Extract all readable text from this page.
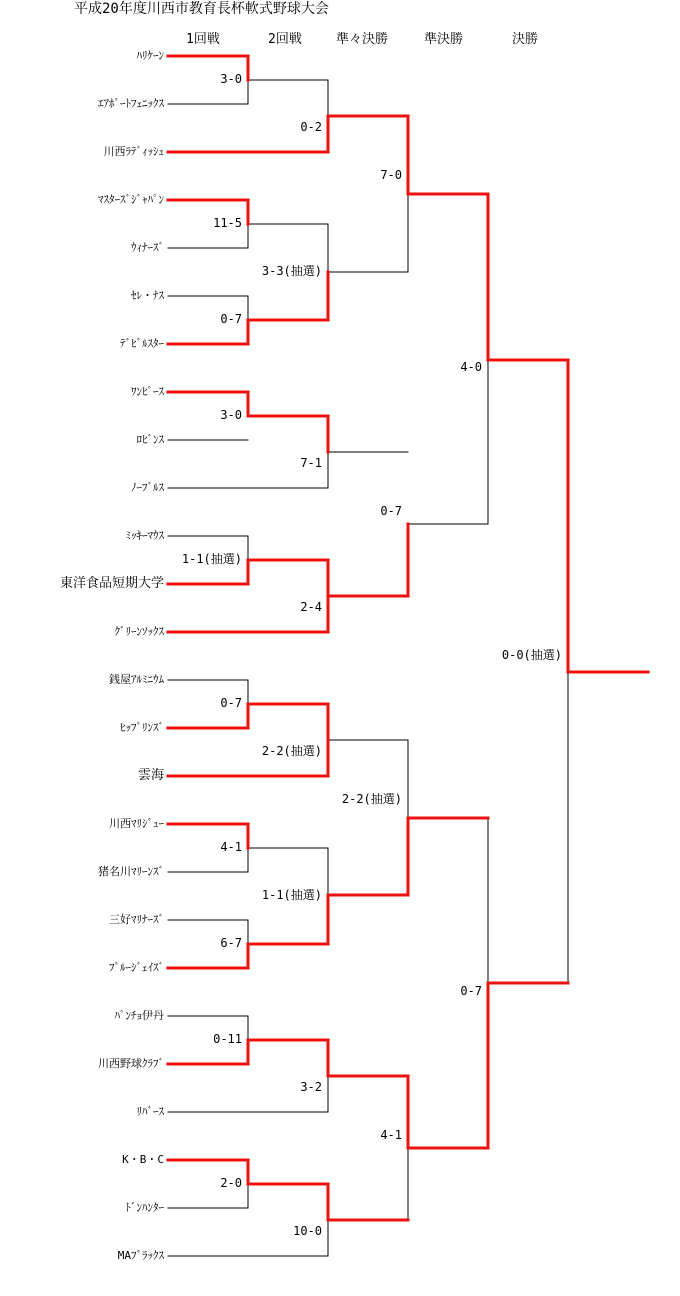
平成20年度川西市教育長杯軟式野球大会
1回戦	2回戦	準々決勝	準決勝	決勝
ﾊﾘｹｰﾝ
ｴｱﾎﾟｰﾄﾌｪﾆｯｸｽ
川西ﾗﾃﾞｨｯｼｭ
ﾏｽﾀｰｽﾞｼﾞｬﾊﾟﾝ
ｳｨﾅｰｽﾞ
ｾﾚ・ﾅｽ
ﾃﾞﾋﾞﾙｽﾀｰ
ﾜﾝﾋﾟｰｽ
ﾛﾋﾞﾝｽ
ﾉｰﾌﾞﾙｽ
ﾐｯｷｰﾏｳｽ
東洋食品短期大学
ｸﾞﾘｰﾝｿｯｸｽ
銭屋ｱﾙﾐﾆｳﾑ
ﾋｯﾌﾟﾘﾝｽﾞ
雲海
川西ﾏﾘｼﾞｭｰ
猪名川ﾏﾘｰﾝｽﾞ
三好ﾏﾘﾅｰｽﾞ
ﾌﾞﾙｰｼﾞｪｲｽﾞ
ﾊﾟﾝﾁｮ伊丹
川西野球ｸﾗﾌﾞ
ﾘﾊﾞｰｽ
K・B・C
ﾄﾞﾝﾊﾝﾀｰ
MAﾌﾞﾗｯｸｽ
3-0
0-2
7-0
11-5
3-3(抽選)
0-7
4-0
3-0
7-1
0-7
1-1(抽選)
2-4
0-0(抽選)
0-7
2-2(抽選)
2-2(抽選)
4-1
1-1(抽選)
6-7
0-7
0-11
3-2
4-1
2-0
10-0
